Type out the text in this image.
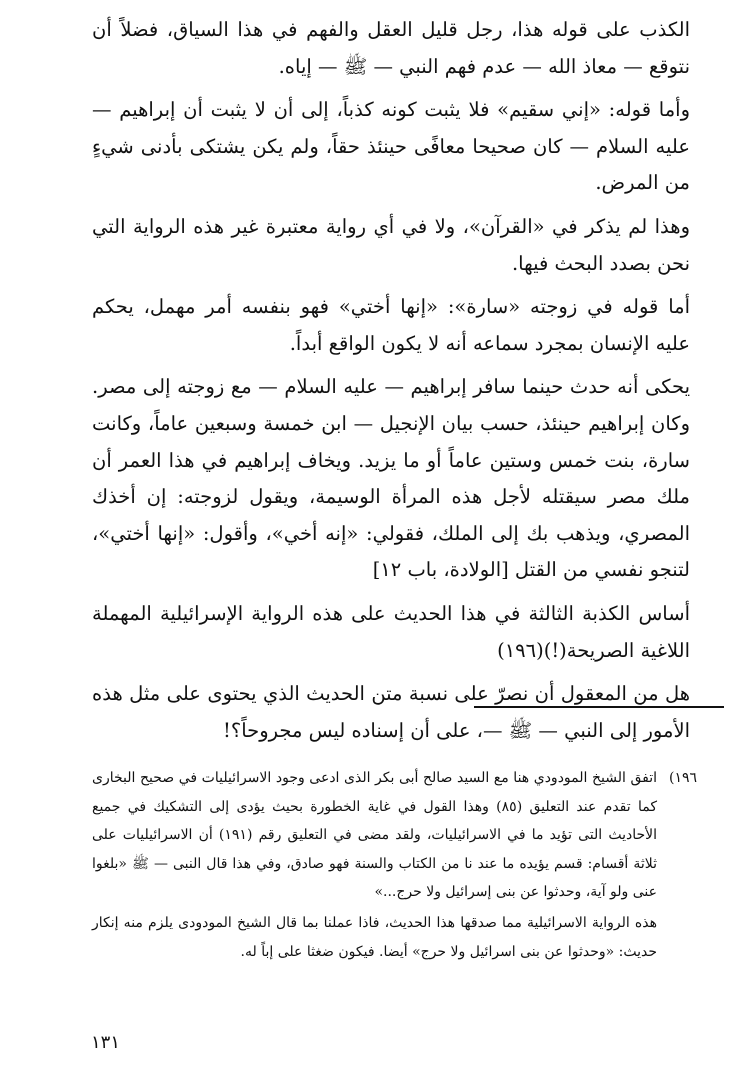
الكذب على قوله هذا، رجل قليل العقل والفهم في هذا السياق، فضلاً أن نتوقع — معاذ الله — عدم فهم النبي — ﷺ — إياه.

وأما قوله: «إني سقيم» فلا يثبت كونه كذباً، إلى أن لا يثبت أن إبراهيم — عليه السلام — كان صحيحا معافًى حينئذ حقاً، ولم يكن يشتكى بأدنى شيءٍ من المرض.

وهذا لم يذكر في «القرآن»، ولا في أي رواية معتبرة غير هذه الرواية التي نحن بصدد البحث فيها.

أما قوله في زوجته «سارة»: «إنها أختي» فهو بنفسه أمر مهمل، يحكم عليه الإنسان بمجرد سماعه أنه لا يكون الواقع أبداً.

يحكى أنه حدث حينما سافر إبراهيم — عليه السلام — مع زوجته إلى مصر. وكان إبراهيم حينئذ، حسب بيان الإنجيل — ابن خمسة وسبعين عاماً، وكانت سارة، بنت خمس وستين عاماً أو ما يزيد. ويخاف إبراهيم في هذا العمر أن ملك مصر سيقتله لأجل هذه المرأة الوسيمة، ويقول لزوجته: إن أخذك المصري، ويذهب بك إلى الملك، فقولي: «إنه أخي»، وأقول: «إنها أختي»، لتنجو نفسي من القتل [الولادة، باب ١٢]

أساس الكذبة الثالثة في هذا الحديث على هذه الرواية الإسرائيلية المهملة اللاغية الصريحة(!)(١٩٦)

هل من المعقول أن نصرّ على نسبة متن الحديث الذي يحتوى على مثل هذه الأمور إلى النبي — ﷺ —، على أن إسناده ليس مجروحاً؟!

١٩٦)
اتفق الشيخ المودودي هنا مع السيد صالح أبى بكر الذى ادعى وجود الاسرائيليات في صحيح البخارى كما تقدم عند التعليق (٨٥) وهذا القول في غاية الخطورة بحيث يؤدى إلى التشكيك في جميع الأحاديث التى تؤيد ما في الاسرائيليات، ولقد مضى في التعليق رقم (١٩١) أن الاسرائيليات على ثلاثة أقسام: قسم يؤيده ما عند نا من الكتاب والسنة فهو صادق، وفي هذا قال النبى — ﷺ «بلغوا عنى ولو آية، وحدثوا عن بنى إسرائيل ولا حرج...»
هذه الرواية الاسرائيلية مما صدقها هذا الحديث، فاذا عملنا بما قال الشيخ المودودى يلزم منه إنكار حديث: «وحدثوا عن بنى اسرائيل ولا حرج» أيضا. فيكون ضغثا على إباً له.
١٣١
